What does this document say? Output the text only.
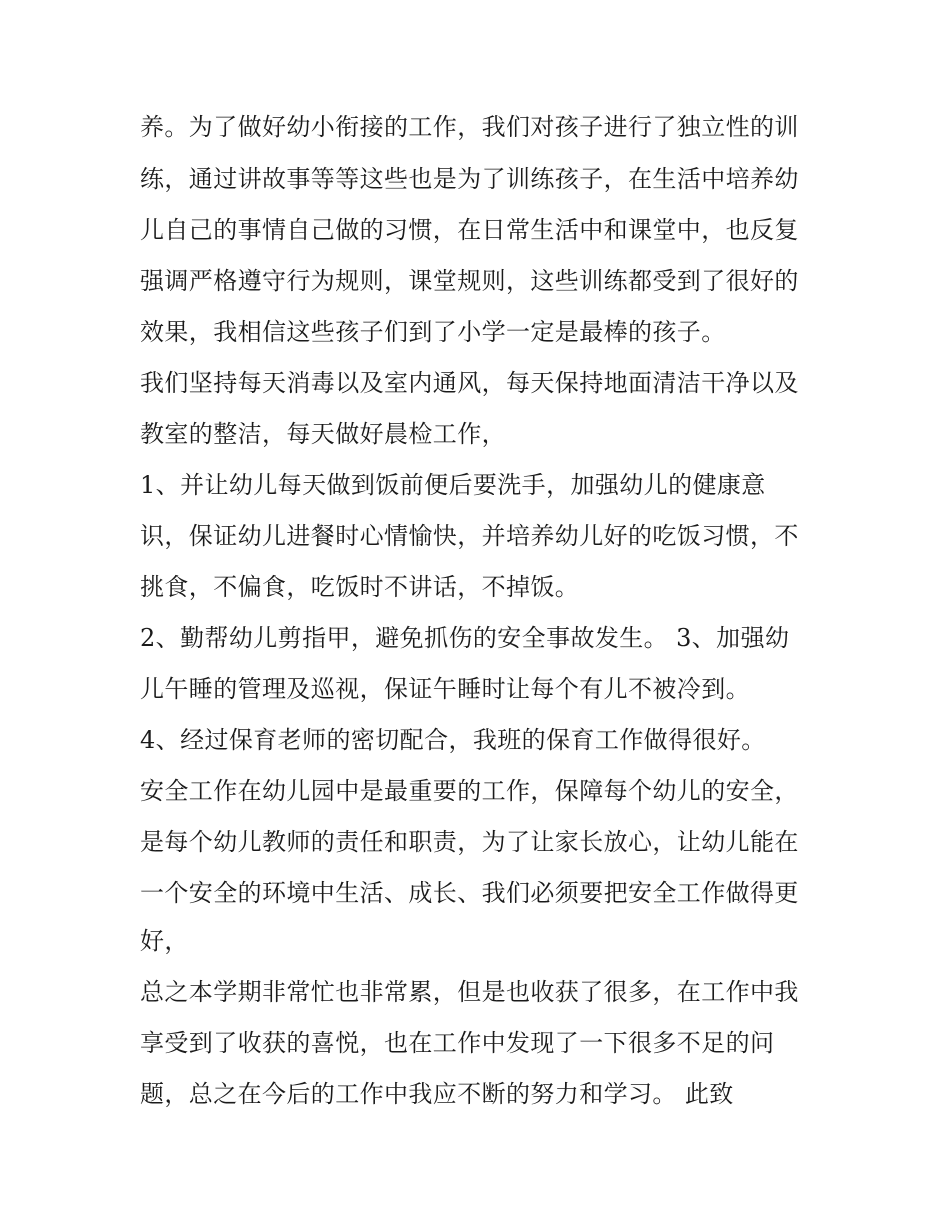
养。为了做好幼小衔接的工作，我们对孩子进行了独立性的训

练，通过讲故事等等这些也是为了训练孩子，在生活中培养幼

儿自己的事情自己做的习惯，在日常生活中和课堂中，也反复

强调严格遵守行为规则，课堂规则，这些训练都受到了很好的

效果，我相信这些孩子们到了小学一定是最棒的孩子。

我们坚持每天消毒以及室内通风，每天保持地面清洁干净以及

教室的整洁，每天做好晨检工作，

1、并让幼儿每天做到饭前便后要洗手，加强幼儿的健康意

识，保证幼儿进餐时心情愉快，并培养幼儿好的吃饭习惯，不

挑食，不偏食，吃饭时不讲话，不掉饭。

2、勤帮幼儿剪指甲，避免抓伤的安全事故发生。 3、加强幼

儿午睡的管理及巡视，保证午睡时让每个有儿不被冷到。

4、经过保育老师的密切配合，我班的保育工作做得很好。

安全工作在幼儿园中是最重要的工作，保障每个幼儿的安全，

是每个幼儿教师的责任和职责，为了让家长放心，让幼儿能在

一个安全的环境中生活、成长、我们必须要把安全工作做得更

好，

总之本学期非常忙也非常累，但是也收获了很多，在工作中我

享受到了收获的喜悦，也在工作中发现了一下很多不足的问

题，总之在今后的工作中我应不断的努力和学习。 此致
